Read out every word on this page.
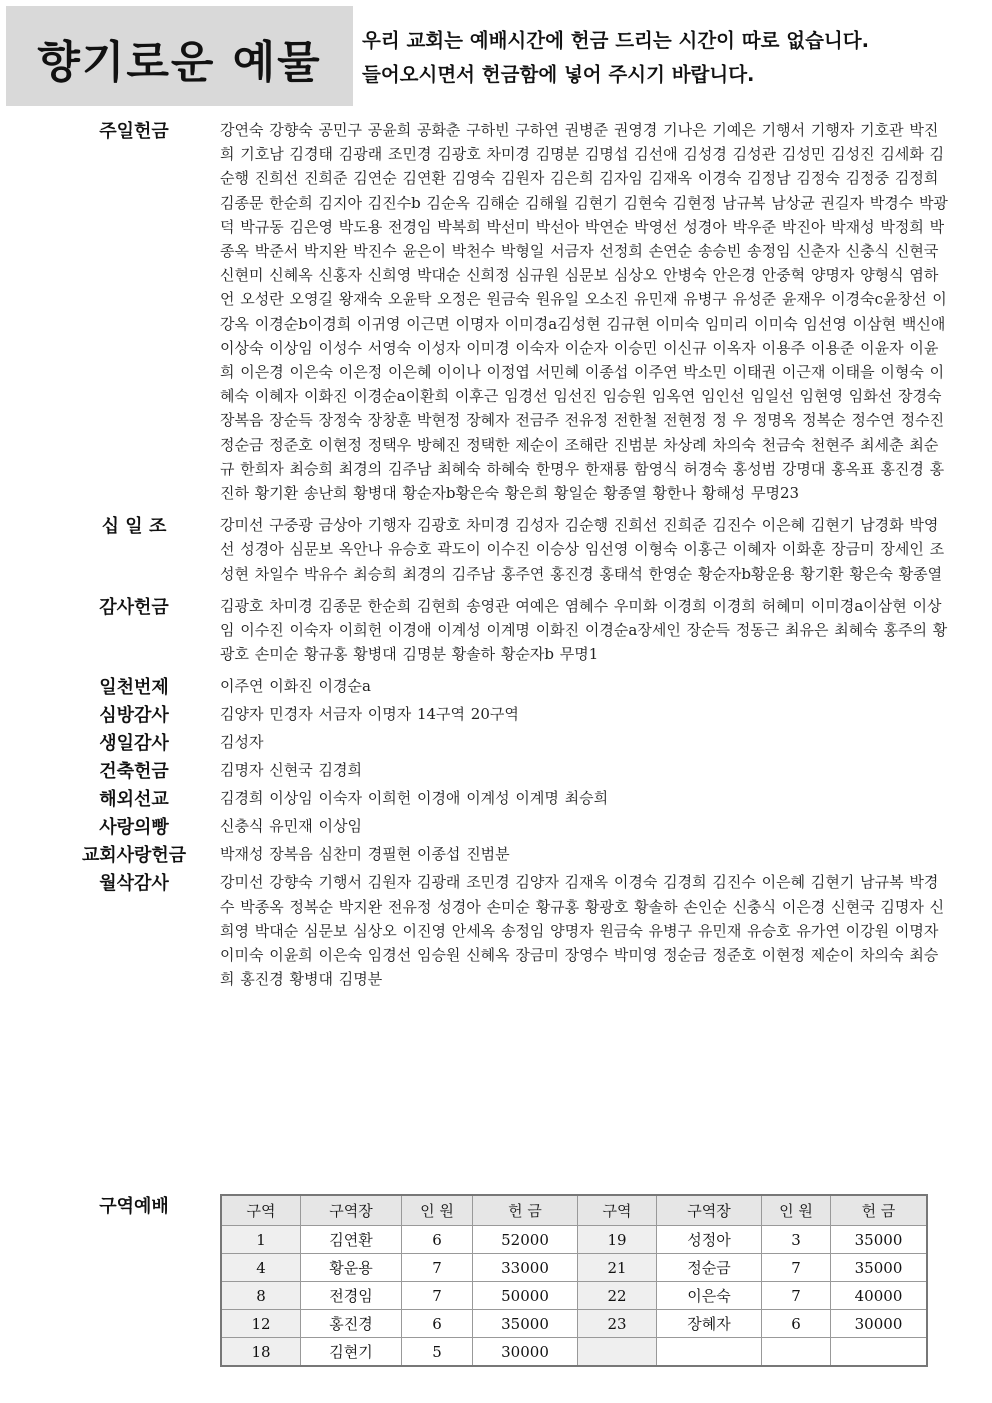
향기로운 예물	우리 교회는 예배시간에 헌금 드리는 시간이 따로 없습니다.
들어오시면서 헌금함에 넣어 주시기 바랍니다.
주일헌금	강연숙 강향숙 공민구 공윤희 공화춘 구하빈 구하연 권병준 권영경 기나은 기예은 기행서 기행자 기호관 박진희 기호남 김경태 김광래 조민경 김광호 차미경 김명분 김명섭 김선애 김성경 김성관 김성민 김성진 김세화 김순행 진희선 진희준 김연순 김연환 김영숙 김원자 김은희 김자임 김재옥 이경숙 김정남 김정숙 김정중 김정희 김종문 한순희 김지아 김진수b 김순옥 김해순 김해월 김현기 김현숙 김현정 남규복 남상균 권길자 박경수 박광덕 박규동 김은영 박도용 전경임 박복희 박선미 박선아 박연순 박영선 성경아 박우준 박진아 박재성 박정희 박종옥 박준서 박지완 박진수 윤은이 박천수 박형일 서금자 선정희 손연순 송승빈 송정임 신춘자 신충식 신현국 신현미 신혜옥 신홍자 신희영 박대순 신희정 심규원 심문보 심상오 안병숙 안은경 안중혁 양명자 양형식 염하언 오성란 오영길 왕재숙 오윤탁 오정은 원금숙 원유일 오소진 유민재 유병구 유성준 윤재우 이경숙c윤창선 이강옥 이경순b이경희 이귀영 이근면 이명자 이미경a김성현 김규현 이미숙 임미리 이미숙 임선영 이삼현 백신애 이상숙 이상임 이성수 서영숙 이성자 이미경 이숙자 이순자 이승민 이신규 이옥자 이용주 이용준 이윤자 이윤희 이은경 이은숙 이은정 이은혜 이이나 이정엽 서민혜 이종섭 이주연 박소민 이태권 이근재 이태을 이형숙 이혜숙 이혜자 이화진 이경순a이환희 이후근 임경선 임선진 임승원 임옥연 임인선 임일선 임현영 임화선 장경숙 장복음 장순득 장정숙 장창훈 박현정 장혜자 전금주 전유정 전한철 전현정 정 우 정명옥 정복순 정수연 정수진 정순금 정준호 이현정 정택우 방혜진 정택한 제순이 조해란 진범분 차상례 차의숙 천금숙 천현주 최세춘 최순규 한희자 최승희 최경의 김주남 최혜숙 하혜숙 한명우 한재룡 함영식 허경숙 홍성범 강명대 홍옥표 홍진경 홍진하 황기환 송난희 황병대 황순자b황은숙 황은희 황일순 황종열 황한나 황해성 무명23
십 일 조	강미선 구중광 금상아 기행자 김광호 차미경 김성자 김순행 진희선 진희준 김진수 이은혜 김현기 남경화 박영선 성경아 심문보 옥안나 유승호 곽도이 이수진 이승상 임선영 이형숙 이홍근 이혜자 이화훈 장금미 장세인 조성현 차일수 박유수 최승희 최경의 김주남 홍주연 홍진경 홍태석 한영순 황순자b황운용 황기환 황은숙 황종열
감사헌금	김광호 차미경 김종문 한순희 김현희 송영관 여예은 염혜수 우미화 이경희 이경희 허혜미 이미경a이삼현 이상임 이수진 이숙자 이희헌 이경애 이계성 이계명 이화진 이경순a장세인 장순득 정동근 최유은 최혜숙 홍주의 황광호 손미순 황규홍 황병대 김명분 황솔하 황순자b 무명1
일천번제	이주연 이화진 이경순a
심방감사	김양자 민경자 서금자 이명자 14구역 20구역
생일감사	김성자
건축헌금	김명자 신현국 김경희
해외선교	김경희 이상임 이숙자 이희헌 이경애 이계성 이계명 최승희
사랑의빵	신충식 유민재 이상임
교회사랑헌금	박재성 장복음 심찬미 경필현 이종섭 진범분
월삭감사	강미선 강향숙 기행서 김원자 김광래 조민경 김양자 김재옥 이경숙 김경희 김진수 이은혜 김현기 남규복 박경수 박종옥 정복순 박지완 전유정 성경아 손미순 황규홍 황광호 황솔하 손인순 신충식 이은경 신현국 김명자 신희영 박대순 심문보 심상오 이진영 안세옥 송정임 양명자 원금숙 유병구 유민재 유승호 유가연 이강원 이명자 이미숙 이윤희 이은숙 임경선 임승원 신혜옥 장금미 장영수 박미영 정순금 정준호 이현정 제순이 차의숙 최승희 홍진경 황병대 김명분
구역예배	구역	구역장	인 원	헌 금	구역	구역장	인 원	헌 금
1	김연환	6	52000	19	성정아	3	35000
4	황운용	7	33000	21	정순금	7	35000
8	전경임	7	50000	22	이은숙	7	40000
12	홍진경	6	35000	23	장혜자	6	30000
18	김현기	5	30000				
